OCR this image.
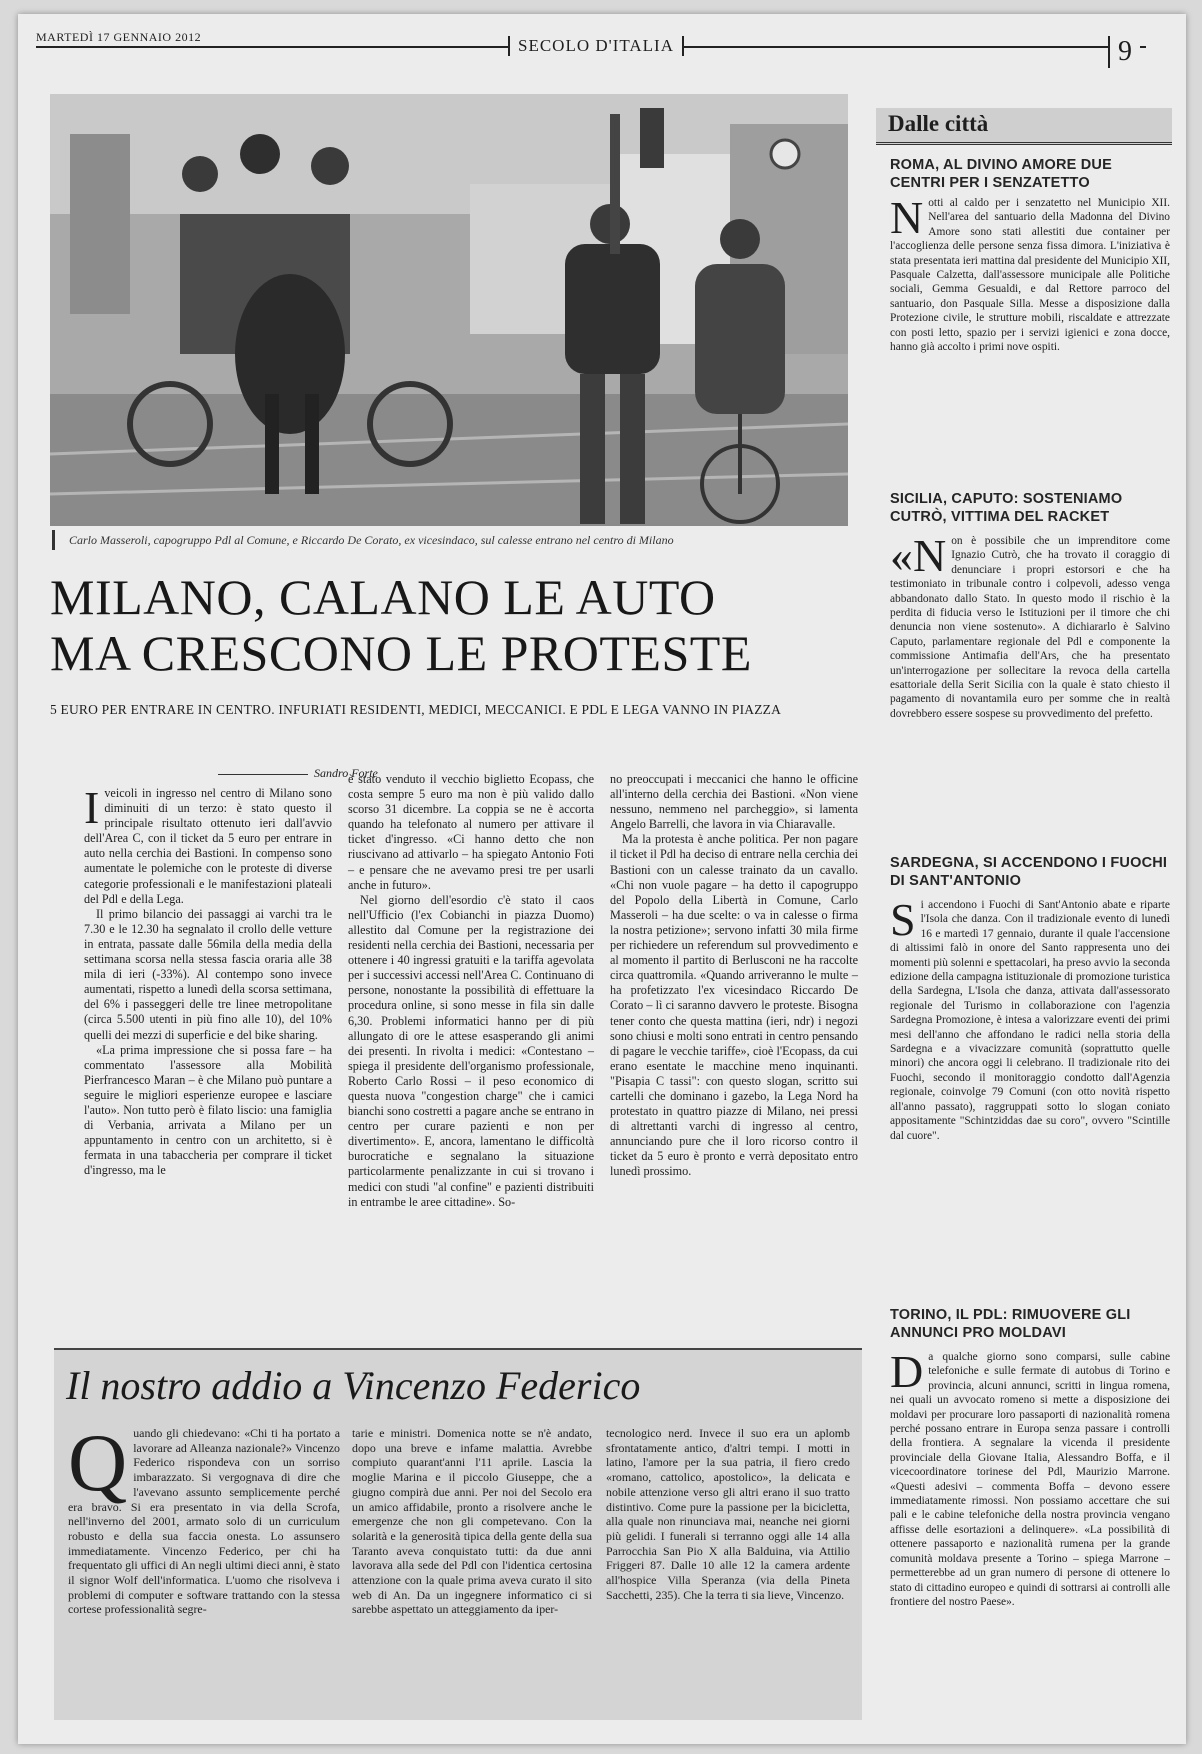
MARTEDÌ 17 GENNAIO 2012	SECOLO D'ITALIA	9
Carlo Masseroli, capogruppo Pdl al Comune, e Riccardo De Corato, ex vicesindaco, sul calesse entrano nel centro di Milano
MILANO, CALANO LE AUTO
MA CRESCONO LE PROTESTE
5 EURO PER ENTRARE IN CENTRO. INFURIATI RESIDENTI, MEDICI, MECCANICI. E PDL E LEGA VANNO IN PIAZZA
Sandro Forte

Iveicoli in ingresso nel centro di Milano sono diminuiti di un terzo: è stato questo il principale risultato ottenuto ieri dall'avvio dell'Area C, con il ticket da 5 euro per entrare in auto nella cerchia dei Bastioni. In compenso sono aumentate le polemiche con le proteste di diverse categorie professionali e le manifestazioni plateali del Pdl e della Lega.

Il primo bilancio dei passaggi ai varchi tra le 7.30 e le 12.30 ha segnalato il crollo delle vetture in entrata, passate dalle 56mila della media della settimana scorsa nella stessa fascia oraria alle 38 mila di ieri (-33%). Al contempo sono invece aumentati, rispetto a lunedì della scorsa settimana, del 6% i passeggeri delle tre linee metropolitane (circa 5.500 utenti in più fino alle 10), del 10% quelli dei mezzi di superficie e del bike sharing.

«La prima impressione che si possa fare – ha commentato l'assessore alla Mobilità Pierfrancesco Maran – è che Milano può puntare a seguire le migliori esperienze europee e lasciare l'auto». Non tutto però è filato liscio: una famiglia di Verbania, arrivata a Milano per un appuntamento in centro con un architetto, si è fermata in una tabaccheria per comprare il ticket d'ingresso, ma le

è stato venduto il vecchio biglietto Ecopass, che costa sempre 5 euro ma non è più valido dallo scorso 31 dicembre. La coppia se ne è accorta quando ha telefonato al numero per attivare il ticket d'ingresso. «Ci hanno detto che non riuscivano ad attivarlo – ha spiegato Antonio Foti – e pensare che ne avevamo presi tre per usarli anche in futuro».

Nel giorno dell'esordio c'è stato il caos nell'Ufficio (l'ex Cobianchi in piazza Duomo) allestito dal Comune per la registrazione dei residenti nella cerchia dei Bastioni, necessaria per ottenere i 40 ingressi gratuiti e la tariffa agevolata per i successivi accessi nell'Area C. Continuano di persone, nonostante la possibilità di effettuare la procedura online, si sono messe in fila sin dalle 6,30. Problemi informatici hanno per di più allungato di ore le attese esasperando gli animi dei presenti. In rivolta i medici: «Contestano – spiega il presidente dell'organismo professionale, Roberto Carlo Rossi – il peso economico di questa nuova "congestion charge" che i camici bianchi sono costretti a pagare anche se entrano in centro per curare pazienti e non per divertimento». E, ancora, lamentano le difficoltà burocratiche e segnalano la situazione particolarmente penalizzante in cui si trovano i medici con studi "al confine" e pazienti distribuiti in entrambe le aree cittadine». So-

no preoccupati i meccanici che hanno le officine all'interno della cerchia dei Bastioni. «Non viene nessuno, nemmeno nel parcheggio», si lamenta Angelo Barrelli, che lavora in via Chiaravalle.

Ma la protesta è anche politica. Per non pagare il ticket il Pdl ha deciso di entrare nella cerchia dei Bastioni con un calesse trainato da un cavallo. «Chi non vuole pagare – ha detto il capogruppo del Popolo della Libertà in Comune, Carlo Masseroli – ha due scelte: o va in calesse o firma la nostra petizione»; servono infatti 30 mila firme per richiedere un referendum sul provvedimento e al momento il partito di Berlusconi ne ha raccolte circa quattromila. «Quando arriveranno le multe – ha profetizzato l'ex vicesindaco Riccardo De Corato – lì ci saranno davvero le proteste. Bisogna tener conto che questa mattina (ieri, ndr) i negozi sono chiusi e molti sono entrati in centro pensando di pagare le vecchie tariffe», cioè l'Ecopass, da cui erano esentate le macchine meno inquinanti. "Pisapia C tassi": con questo slogan, scritto sui cartelli che dominano i gazebo, la Lega Nord ha protestato in quattro piazze di Milano, nei pressi di altrettanti varchi di ingresso al centro, annunciando pure che il loro ricorso contro il ticket da 5 euro è pronto e verrà depositato entro lunedì prossimo.

Il nostro addio a Vincenzo Federico

Quando gli chiedevano: «Chi ti ha portato a lavorare ad Alleanza nazionale?» Vincenzo Federico rispondeva con un sorriso imbarazzato. Si vergognava di dire che l'avevano assunto semplicemente perché era bravo. Si era presentato in via della Scrofa, nell'inverno del 2001, armato solo di un curriculum robusto e della sua faccia onesta. Lo assunsero immediatamente. Vincenzo Federico, per chi ha frequentato gli uffici di An negli ultimi dieci anni, è stato il signor Wolf dell'informatica. L'uomo che risolveva i problemi di computer e software trattando con la stessa cortese professionalità segre-

tarie e ministri. Domenica notte se n'è andato, dopo una breve e infame malattia. Avrebbe compiuto quarant'anni l'11 aprile. Lascia la moglie Marina e il piccolo Giuseppe, che a giugno compirà due anni. Per noi del Secolo era un amico affidabile, pronto a risolvere anche le emergenze che non gli competevano. Con la solarità e la generosità tipica della gente della sua Taranto aveva conquistato tutti: da due anni lavorava alla sede del Pdl con l'identica certosina attenzione con la quale prima aveva curato il sito web di An. Da un ingegnere informatico ci si sarebbe aspettato un atteggiamento da iper-

tecnologico nerd. Invece il suo era un aplomb sfrontatamente antico, d'altri tempi. I motti in latino, l'amore per la sua patria, il fiero credo «romano, cattolico, apostolico», la delicata e nobile attenzione verso gli altri erano il suo tratto distintivo. Come pure la passione per la bicicletta, alla quale non rinunciava mai, neanche nei giorni più gelidi. I funerali si terranno oggi alle 14 alla Parrocchia San Pio X alla Balduina, via Attilio Friggeri 87. Dalle 10 alle 12 la camera ardente all'hospice Villa Speranza (via della Pineta Sacchetti, 235). Che la terra ti sia lieve, Vincenzo.

Dalle città
ROMA, AL DIVINO AMORE DUE CENTRI PER I SENZATETTO
Notti al caldo per i senzatetto nel Municipio XII. Nell'area del santuario della Madonna del Divino Amore sono stati allestiti due container per l'accoglienza delle persone senza fissa dimora. L'iniziativa è stata presentata ieri mattina dal presidente del Municipio XII, Pasquale Calzetta, dall'assessore municipale alle Politiche sociali, Gemma Gesualdi, e dal Rettore parroco del santuario, don Pasquale Silla. Messe a disposizione dalla Protezione civile, le strutture mobili, riscaldate e attrezzate con posti letto, spazio per i servizi igienici e zona docce, hanno già accolto i primi nove ospiti.
SICILIA, CAPUTO: SOSTENIAMO CUTRÒ, VITTIMA DEL RACKET
«Non è possibile che un imprenditore come Ignazio Cutrò, che ha trovato il coraggio di denunciare i propri estorsori e che ha testimoniato in tribunale contro i colpevoli, adesso venga abbandonato dallo Stato. In questo modo il rischio è la perdita di fiducia verso le Istituzioni per il timore che chi denuncia non viene sostenuto». A dichiararlo è Salvino Caputo, parlamentare regionale del Pdl e componente la commissione Antimafia dell'Ars, che ha presentato un'interrogazione per sollecitare la revoca della cartella esattoriale della Serit Sicilia con la quale è stato chiesto il pagamento di novantamila euro per somme che in realtà dovrebbero essere sospese su provvedimento del prefetto.
SARDEGNA, SI ACCENDONO I FUOCHI DI SANT'ANTONIO
Si accendono i Fuochi di Sant'Antonio abate e riparte l'Isola che danza. Con il tradizionale evento di lunedì 16 e martedì 17 gennaio, durante il quale l'accensione di altissimi falò in onore del Santo rappresenta uno dei momenti più solenni e spettacolari, ha preso avvio la seconda edizione della campagna istituzionale di promozione turistica della Sardegna, L'Isola che danza, attivata dall'assessorato regionale del Turismo in collaborazione con l'agenzia Sardegna Promozione, è intesa a valorizzare eventi dei primi mesi dell'anno che affondano le radici nella storia della Sardegna e a vivacizzare comunità (soprattutto quelle minori) che ancora oggi li celebrano. Il tradizionale rito dei Fuochi, secondo il monitoraggio condotto dall'Agenzia regionale, coinvolge 79 Comuni (con otto novità rispetto all'anno passato), raggruppati sotto lo slogan coniato appositamente "Schintziddas dae su coro", ovvero "Scintille dal cuore".
TORINO, IL PDL: RIMUOVERE GLI ANNUNCI PRO MOLDAVI
Da qualche giorno sono comparsi, sulle cabine telefoniche e sulle fermate di autobus di Torino e provincia, alcuni annunci, scritti in lingua romena, nei quali un avvocato romeno si mette a disposizione dei moldavi per procurare loro passaporti di nazionalità romena perché possano entrare in Europa senza passare i controlli della frontiera. A segnalare la vicenda il presidente provinciale della Giovane Italia, Alessandro Boffa, e il vicecoordinatore torinese del Pdl, Maurizio Marrone. «Questi adesivi – commenta Boffa – devono essere immediatamente rimossi. Non possiamo accettare che sui pali e le cabine telefoniche della nostra provincia vengano affisse delle esortazioni a delinquere». «La possibilità di ottenere passaporto e nazionalità rumena per la grande comunità moldava presente a Torino – spiega Marrone – permetterebbe ad un gran numero di persone di ottenere lo stato di cittadino europeo e quindi di sottrarsi ai controlli alle frontiere del nostro Paese».
